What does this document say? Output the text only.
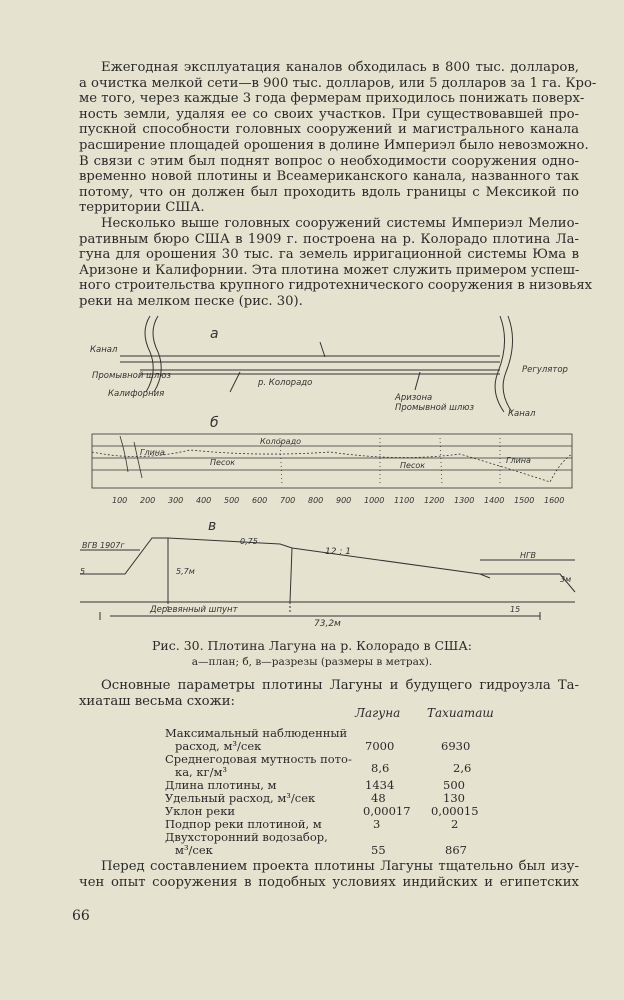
Ежегодная эксплуатация каналов обходилась в 800 тыс. долларов,
а очистка мелкой сети—в 900 тыс. долларов, или 5 долларов за 1 га. Кро-
ме того, через каждые 3 года фермерам приходилось понижать поверх-
ность земли, удаляя ее со своих участков. При существовавшей про-
пускной способности головных сооружений и магистрального канала
расширение площадей орошения в долине Империэл было невозможно.
В связи с этим был поднят вопрос о необходимости сооружения одно-
временно новой плотины и Всеамериканского канала, названного так
потому, что он должен был проходить вдоль границы с Мексикой по
территории США.

Несколько выше головных сооружений системы Империэл Мелио-
ративным бюро США в 1909 г. построена на р. Колорадо плотина Ла-
гуна для орошения 30 тыс. га земель ирригационной системы Юма в
Аризоне и Калифорнии. Эта плотина может служить примером успеш-
ного строительства крупного гидротехнического сооружения в низовьях
реки на мелком песке (рис. 30).

а
Канал
Промывной шлюз
Калифорния
р. Колорадо
Аризона
Промывной шлюз
Регулятор
Канал
б
Колорадо
Глина
Песок	Песок
Глина
100 200 300 400 500 600 700 800 900 1000 1100 1200 1300 1400 1500 1600
в
ВГВ 1907г	0,75
12 : 1	НГВ
5,7м
5
3м
Деревянный шпунт
73,2м
15
Рис. 30. Плотина Лагуна на р. Колорадо в США:
а—план; б, в—разрезы (размеры в метрах).

Основные параметры плотины Лагуны и будущего гидроузла Та-
хиаташ весьма схожи:

Лагуна Тахиаташ
Максимальный наблюденный
расход, м³/сек	7000	6930
Среднегодовая мутность пото-
ка, кг/м³	8,6	2,6
Длина плотины, м	1434	500
Удельный расход, м³/сек	48	130
Уклон реки	0,00017 0,00015
Подпор реки плотиной, м	3	2
Двухсторонний водозабор,
м³/сек	55	867

Перед составлением проекта плотины Лагуны тщательно был изу-
чен опыт сооружения в подобных условиях индийских и египетских

66
